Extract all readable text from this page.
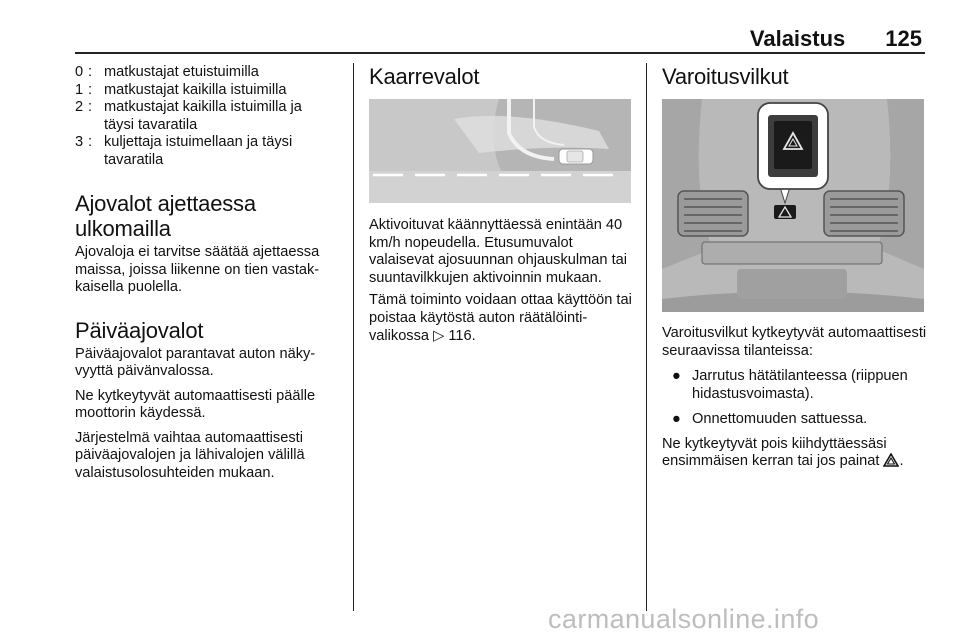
Valaistus 125
0 : matkustajat etuistuimilla
1 : matkustajat kaikilla istuimilla
2 : matkustajat kaikilla istuimilla ja täysi tavaratila
3 : kuljettaja istuimellaan ja täysi tavaratila
Ajovalot ajettaessa ulkomailla

Ajovaloja ei tarvitse säätää ajettaessa maissa, joissa liikenne on tien vastakkaisella puolella.

Päiväajovalot

Päiväajovalot parantavat auton näkyvyyttä päivänvalossa.

Ne kytkeytyvät automaattisesti päälle moottorin käydessä.

Järjestelmä vaihtaa automaattisesti päiväajovalojen ja lähivalojen välillä valaistusolosuhteiden mukaan.

Kaarrevalot

Aktivoituvat käännyttäessä enintään 40 km/h nopeudella. Etusumuvalot valaisevat ajosuunnan ohjauskulman tai suuntavilkkujen aktivoinnin mukaan.

Tämä toiminto voidaan ottaa käyttöön tai poistaa käytöstä auton räätälöintivalikossa ▷ 116.

Varoitusvilkut

Varoitusvilkut kytkeytyvät automaattisesti seuraavissa tilanteissa:

● Jarrutus hätätilanteessa (riippuen hidastusvoimasta).
● Onnettomuuden sattuessa.

Ne kytkeytyvät pois kiihdyttäessäsi ensimmäisen kerran tai jos painat .

carmanualsonline.info
